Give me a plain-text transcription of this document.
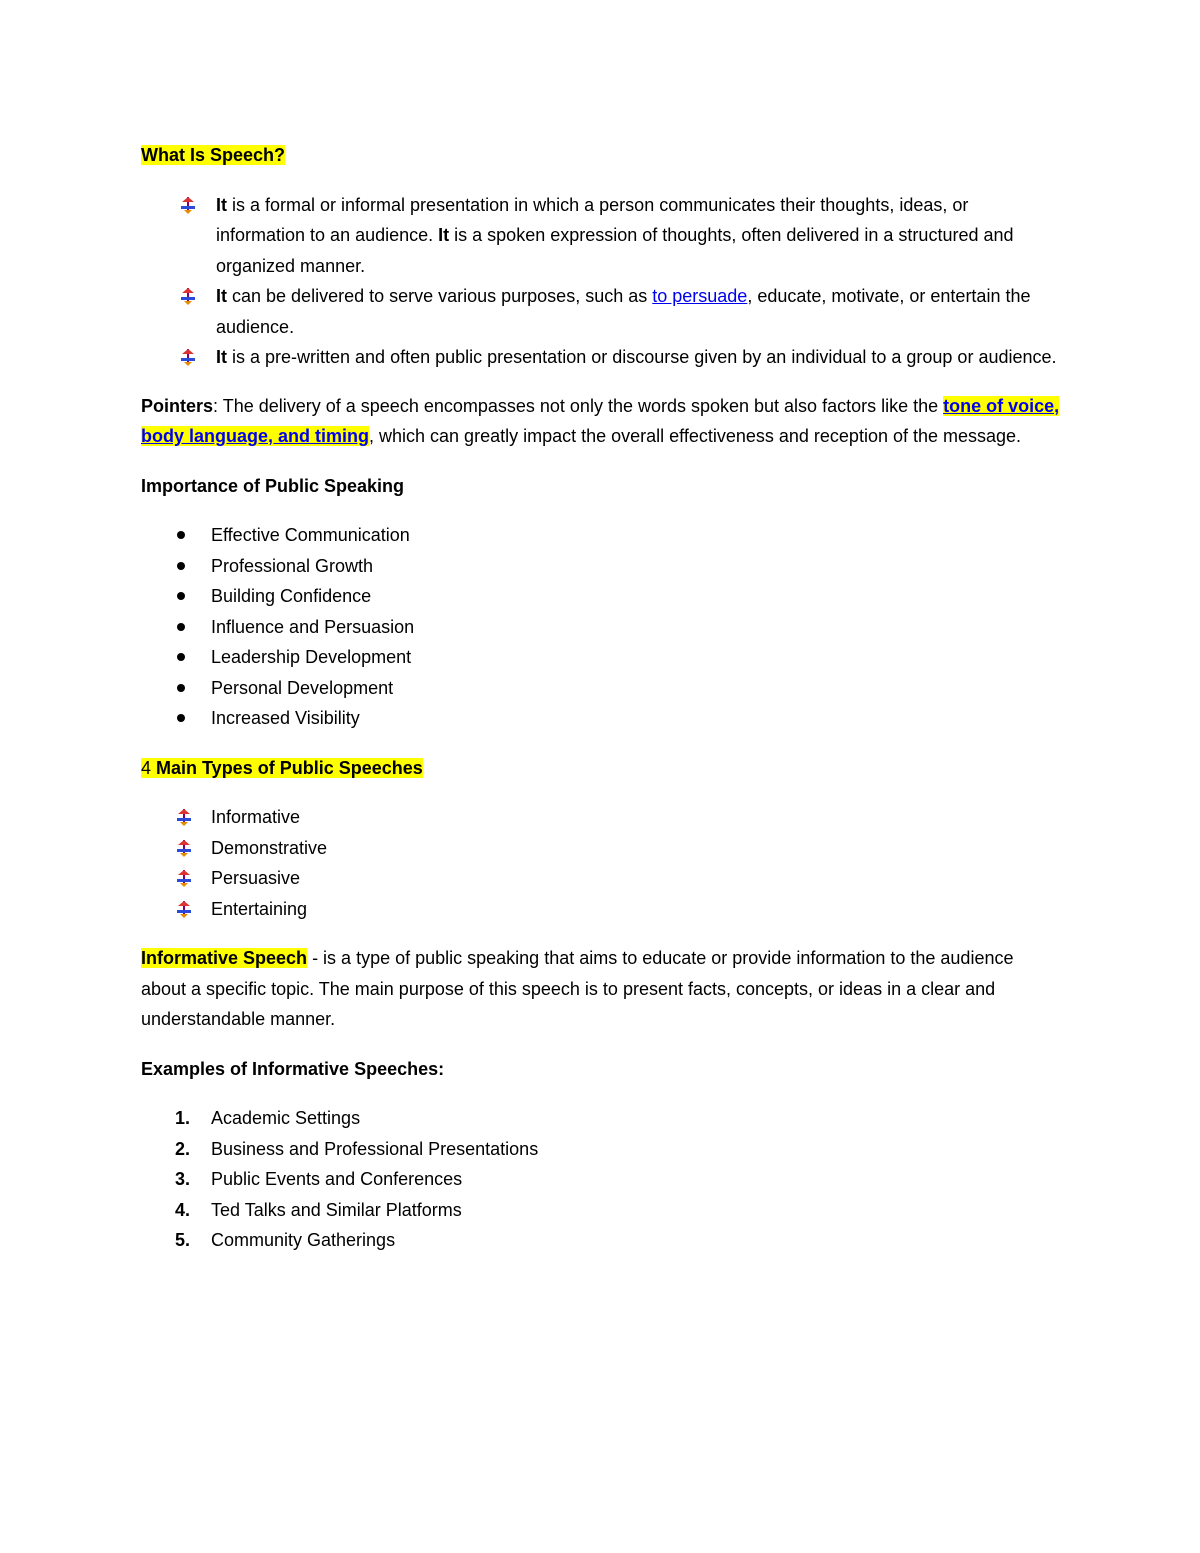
What Is Speech?

It is a formal or informal presentation in which a person communicates their thoughts, ideas, or information to an audience. It is a spoken expression of thoughts, often delivered in a structured and organized manner.
It can be delivered to serve various purposes, such as to persuade, educate, motivate, or entertain the audience.
It is a pre-written and often public presentation or discourse given by an individual to a group or audience.

Pointers: The delivery of a speech encompasses not only the words spoken but also factors like the tone of voice, body language, and timing, which can greatly impact the overall effectiveness and reception of the message.

Importance of Public Speaking

Effective Communication
Professional Growth
Building Confidence
Influence and Persuasion
Leadership Development
Personal Development
Increased Visibility

4 Main Types of Public Speeches

Informative
Demonstrative
Persuasive
Entertaining

Informative Speech - is a type of public speaking that aims to educate or provide information to the audience about a specific topic. The main purpose of this speech is to present facts, concepts, or ideas in a clear and understandable manner.

Examples of Informative Speeches:

1. Academic Settings
2. Business and Professional Presentations
3. Public Events and Conferences
4. Ted Talks and Similar Platforms
5. Community Gatherings
